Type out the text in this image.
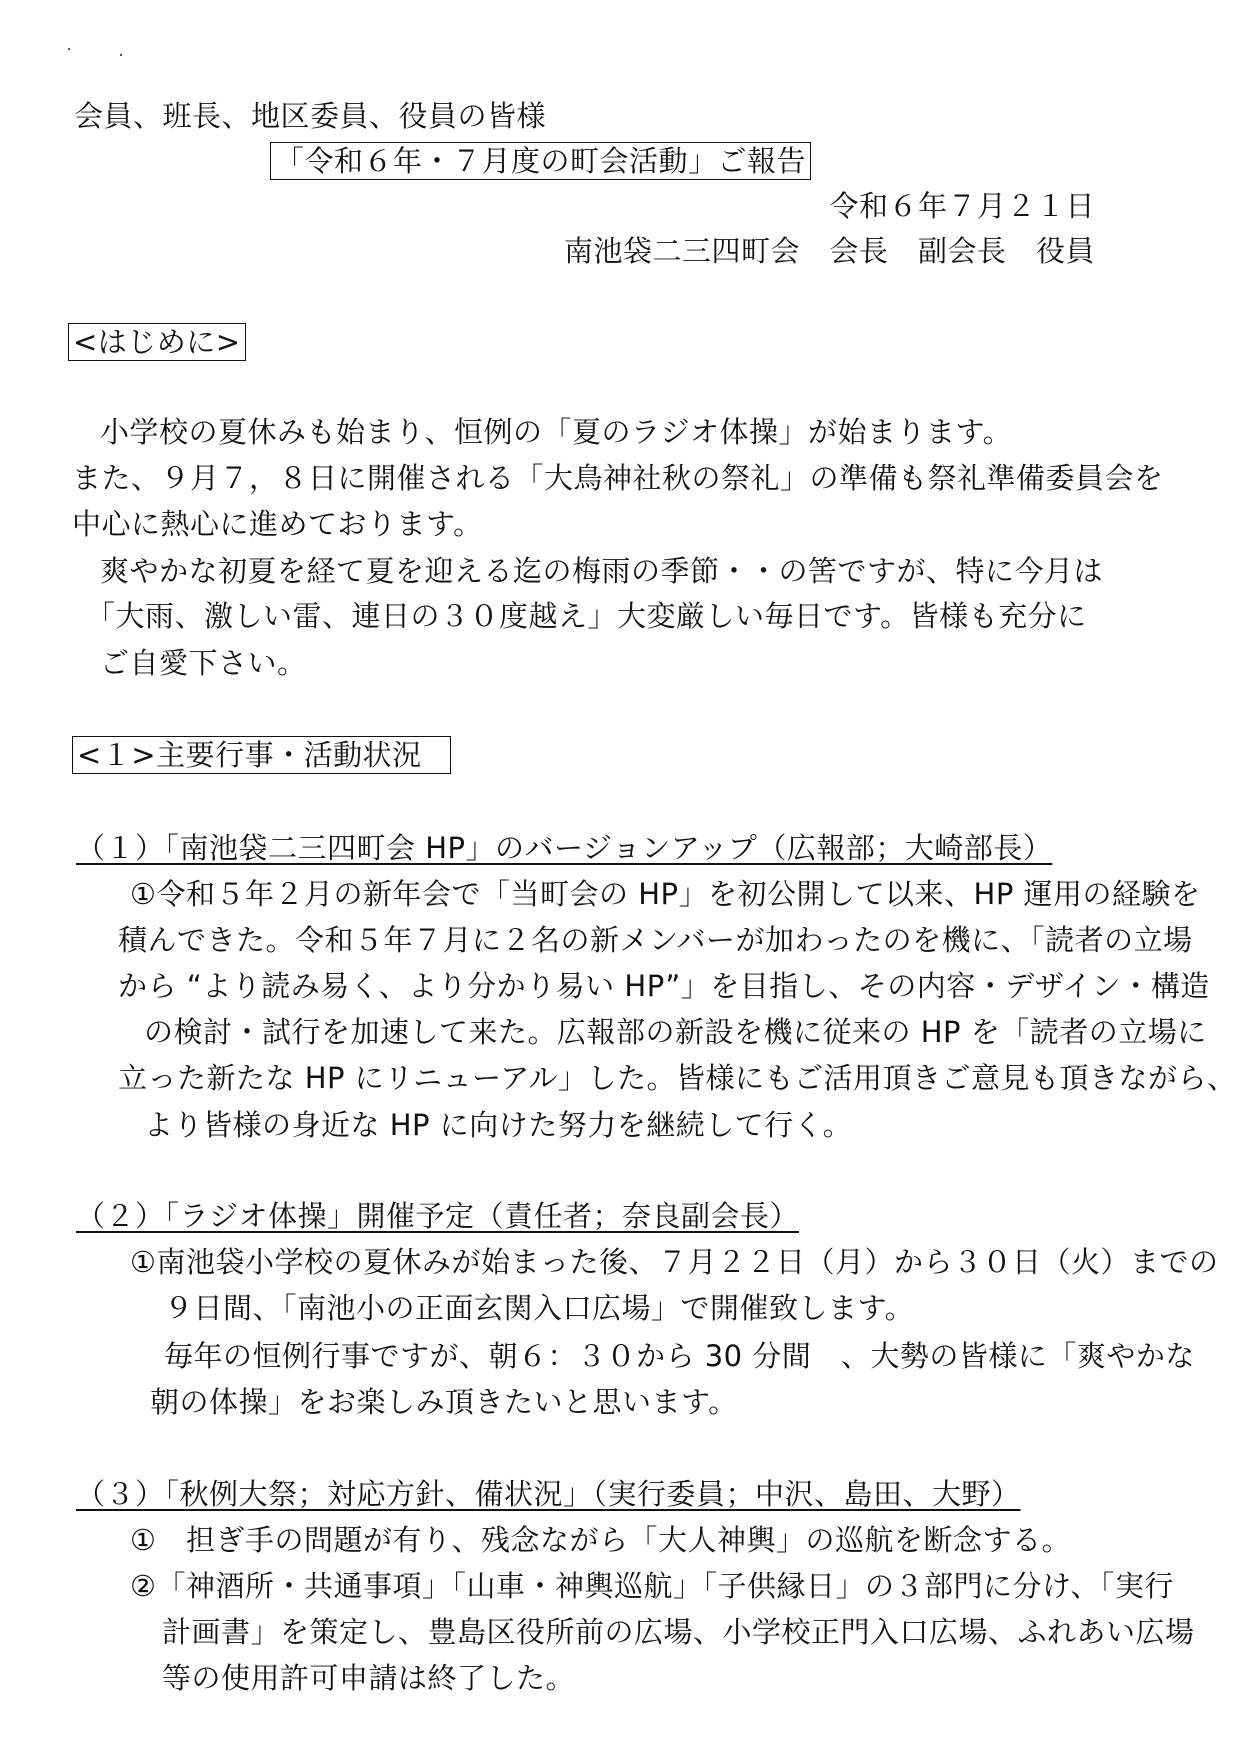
会員、班長、地区委員、役員の皆様
「令和６年・７月度の町会活動」ご報告
令和６年７月２１日
南池袋二三四町会　会長　副会長　役員
<はじめに>
小学校の夏休みも始まり、恒例の「夏のラジオ体操」が始まります。
また、９月７，８日に開催される「大鳥神社秋の祭礼」の準備も祭礼準備委員会を
中心に熱心に進めております。
爽やかな初夏を経て夏を迎える迄の梅雨の季節・・の筈ですが、特に今月は
「大雨、激しい雷、連日の３０度越え」大変厳しい毎日です。皆様も充分に
ご自愛下さい。
<１>主要行事・活動状況
（１）「南池袋二三四町会 HP」のバージョンアップ（広報部；大崎部長）
①令和５年２月の新年会で「当町会の HP」を初公開して以来、HP 運用の経験を
積んできた。令和５年７月に２名の新メンバーが加わったのを機に、「読者の立場
から “より読み易く、より分かり易い HP”」を目指し、その内容・デザイン・構造
の検討・試行を加速して来た。広報部の新設を機に従来の HP を「読者の立場に
立った新たな HP にリニューアル」した。皆様にもご活用頂きご意見も頂きながら、
より皆様の身近な HP に向けた努力を継続して行く。
（２）「ラジオ体操」開催予定（責任者；奈良副会長）
①南池袋小学校の夏休みが始まった後、７月２２日（月）から３０日（火）までの
９日間、「南池小の正面玄関入口広場」で開催致します。
毎年の恒例行事ですが、朝６：３０から 30 分間　、大勢の皆様に「爽やかな
朝の体操」をお楽しみ頂きたいと思います。
（３）「秋例大祭；対応方針、備状況」（実行委員；中沢、島田、大野）
①　担ぎ手の問題が有り、残念ながら「大人神輿」の巡航を断念する。
②「神酒所・共通事項」「山車・神輿巡航」「子供縁日」の３部門に分け、「実行
計画書」を策定し、豊島区役所前の広場、小学校正門入口広場、ふれあい広場
等の使用許可申請は終了した。
